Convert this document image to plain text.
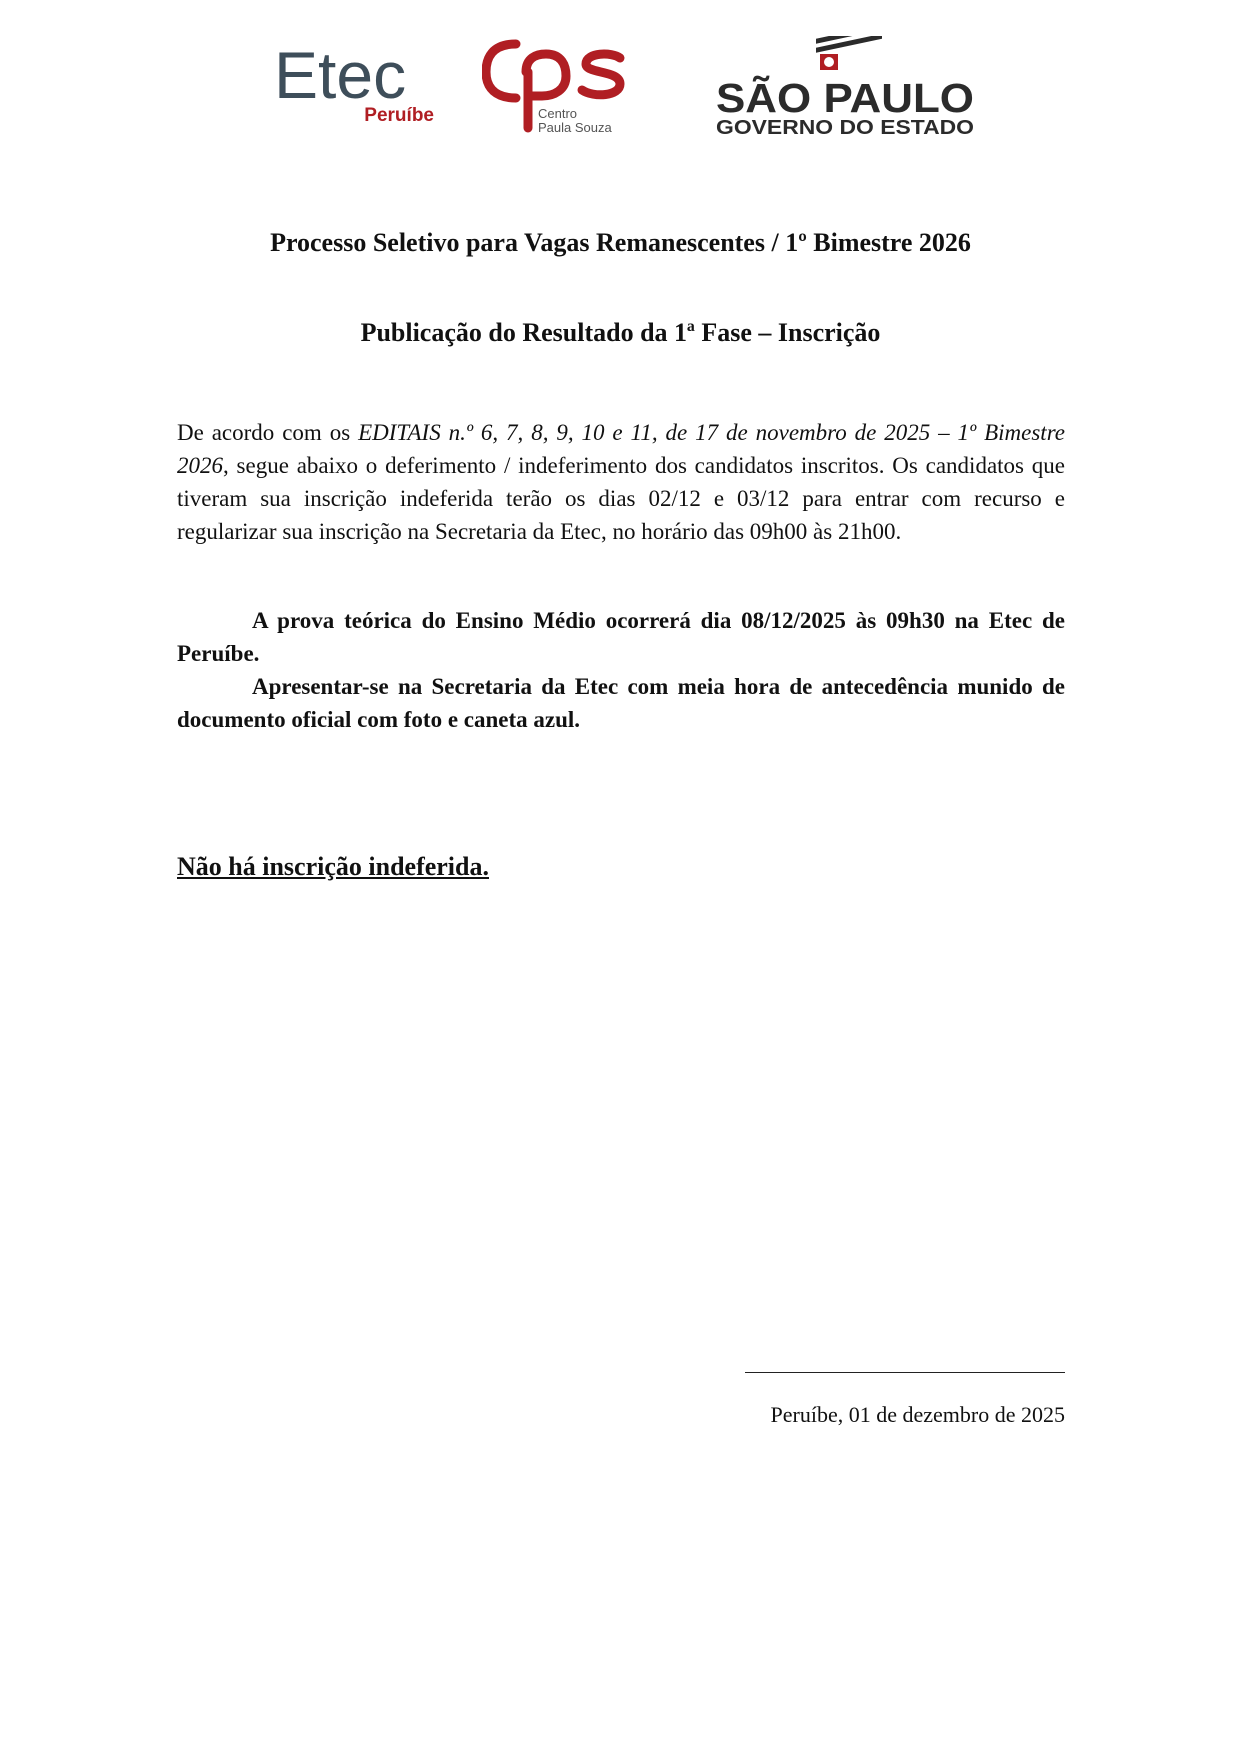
Etec
Peruíbe	Centro
Paula Souza
SÃO PAULO
GOVERNO DO ESTADO
Processo Seletivo para Vagas Remanescentes / 1º Bimestre 2026
Publicação do Resultado da 1ª Fase – Inscrição

De acordo com os EDITAIS n.º 6, 7, 8, 9, 10 e 11, de 17 de novembro de 2025 – 1º Bimestre 2026, segue abaixo o deferimento / indeferimento dos candidatos inscritos. Os candidatos que tiveram sua inscrição indeferida terão os dias 02/12 e 03/12 para entrar com recurso e regularizar sua inscrição na Secretaria da Etec, no horário das 09h00 às 21h00.

A prova teórica do Ensino Médio ocorrerá dia 08/12/2025 às 09h30 na Etec de Peruíbe.

Apresentar-se na Secretaria da Etec com meia hora de antecedência munido de documento oficial com foto e caneta azul.

Não há inscrição indeferida.

Peruíbe, 01 de dezembro de 2025
